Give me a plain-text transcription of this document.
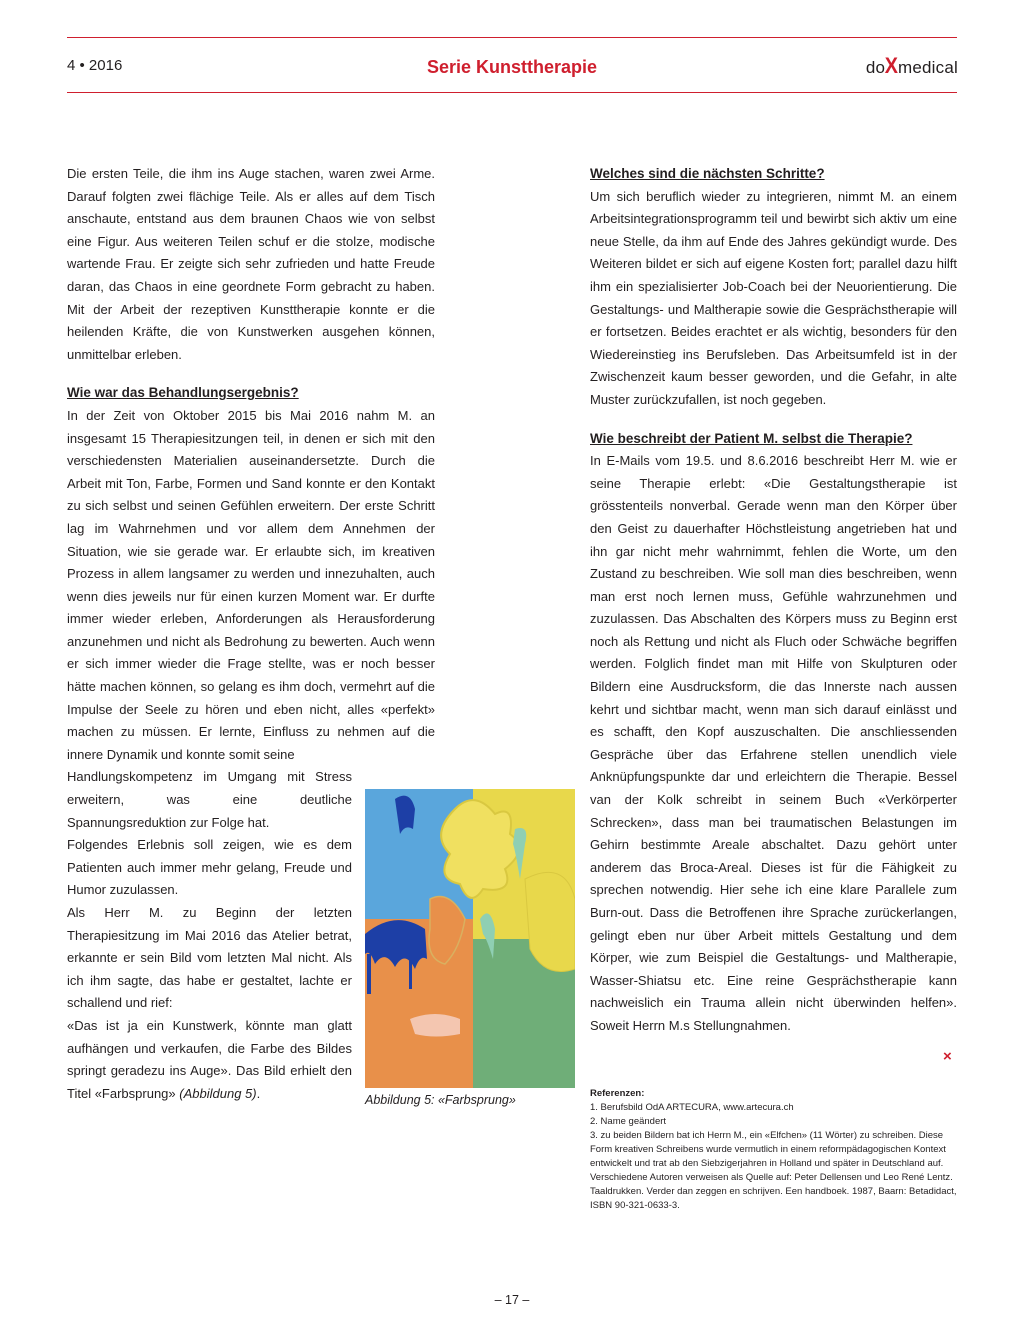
4 • 2016	Serie Kunsttherapie	doXmedical

Die ersten Teile, die ihm ins Auge stachen, waren zwei Arme. Darauf folgten zwei flächige Teile. Als er alles auf dem Tisch anschaute, entstand aus dem braunen Chaos wie von selbst eine Figur. Aus weiteren Teilen schuf er die stolze, modische wartende Frau. Er zeigte sich sehr zufrieden und hatte Freude daran, das Chaos in eine geordnete Form gebracht zu haben. Mit der Arbeit der rezeptiven Kunsttherapie konnte er die heilenden Kräfte, die von Kunstwerken ausgehen können, unmittelbar erleben.

Wie war das Behandlungsergebnis?

In der Zeit von Oktober 2015 bis Mai 2016 nahm M. an insgesamt 15 Therapiesitzungen teil, in denen er sich mit den verschiedensten Materialien auseinandersetzte. Durch die Arbeit mit Ton, Farbe, Formen und Sand konnte er den Kontakt zu sich selbst und seinen Gefühlen erweitern. Der erste Schritt lag im Wahrnehmen und vor allem dem Annehmen der Situation, wie sie gerade war. Er erlaubte sich, im kreativen Prozess in allem langsamer zu werden und innezuhalten, auch wenn dies jeweils nur für einen kurzen Moment war. Er durfte immer wieder erleben, Anforderungen als Herausforderung anzunehmen und nicht als Bedrohung zu bewerten. Auch wenn er sich immer wieder die Frage stellte, was er noch besser hätte machen können, so gelang es ihm doch, vermehrt auf die Impulse der Seele zu hören und eben nicht, alles «perfekt» machen zu müssen. Er lernte, Einfluss zu nehmen auf die innere Dynamik und konnte somit seine

Handlungskompetenz im Umgang mit Stress erweitern, was eine deutliche Spannungsreduktion zur Folge hat.

Folgendes Erlebnis soll zeigen, wie es dem Patienten auch immer mehr gelang, Freude und Humor zuzulassen.

Als Herr M. zu Beginn der letzten Therapiesitzung im Mai 2016 das Atelier betrat, erkannte er sein Bild vom letzten Mal nicht. Als ich ihm sagte, das habe er gestaltet, lachte er schallend und rief:

«Das ist ja ein Kunstwerk, könnte man glatt aufhängen und verkaufen, die Farbe des Bildes springt geradezu ins Auge». Das Bild erhielt den Titel «Farbsprung» (Abbildung 5).	Abbildung 5: «Farbsprung»
Welches sind die nächsten Schritte?

Um sich beruflich wieder zu integrieren, nimmt M. an einem Arbeitsintegrationsprogramm teil und bewirbt sich aktiv um eine neue Stelle, da ihm auf Ende des Jahres gekündigt wurde. Des Weiteren bildet er sich auf eigene Kosten fort; parallel dazu hilft ihm ein spezialisierter Job-Coach bei der Neuorientierung. Die Gestaltungs- und Maltherapie sowie die Gesprächstherapie will er fortsetzen. Beides erachtet er als wichtig, besonders für den Wiedereinstieg ins Berufsleben. Das Arbeitsumfeld ist in der Zwischenzeit kaum besser geworden, und die Gefahr, in alte Muster zurückzufallen, ist noch gegeben.

Wie beschreibt der Patient M. selbst die Therapie?

In E-Mails vom 19.5. und 8.6.2016 beschreibt Herr M. wie er seine Therapie erlebt: «Die Gestaltungstherapie ist grösstenteils nonverbal. Gerade wenn man den Körper über den Geist zu dauerhafter Höchstleistung angetrieben hat und ihn gar nicht mehr wahrnimmt, fehlen die Worte, um den Zustand zu beschreiben. Wie soll man dies beschreiben, wenn man erst noch lernen muss, Gefühle wahrzunehmen und zuzulassen. Das Abschalten des Körpers muss zu Beginn erst noch als Rettung und nicht als Fluch oder Schwäche begriffen werden. Folglich findet man mit Hilfe von Skulpturen oder Bildern eine Ausdrucksform, die das Innerste nach aussen kehrt und sichtbar macht, wenn man sich darauf einlässt und es schafft, den Kopf auszuschalten. Die anschliessenden Gespräche über das Erfahrene stellen unendlich viele Anknüpfungspunkte dar und erleichtern die Therapie. Bessel van der Kolk schreibt in seinem Buch «Verkörperter Schrecken», dass man bei traumatischen Belastungen im Gehirn bestimmte Areale abschaltet. Dazu gehört unter anderem das Broca-Areal. Dieses ist für die Fähigkeit zu sprechen notwendig. Hier sehe ich eine klare Parallele zum Burn-out. Dass die Betroffenen ihre Sprache zurückerlangen, gelingt eben nur über Arbeit mittels Gestaltung und dem Körper, wie zum Beispiel die Gestaltungs- und Maltherapie, Wasser-Shiatsu etc. Eine reine Gesprächstherapie kann nachweislich ein Trauma allein nicht überwinden helfen». Soweit Herrn M.s Stellungnahmen.

×
Referenzen:
1. Berufsbild OdA ARTECURA, www.artecura.ch
2. Name geändert
3. zu beiden Bildern bat ich Herrn M., ein «Elfchen» (11 Wörter) zu schreiben. Diese Form kreativen Schreibens wurde vermutlich in einem reformpädagogischen Kontext entwickelt und trat ab den Siebzigerjahren in Holland und später in Deutschland auf. Verschiedene Autoren verweisen als Quelle auf: Peter Dellensen und Leo René Lentz. Taaldrukken. Verder dan zeggen en schrijven. Een handboek. 1987, Baarn: Betadidact, ISBN 90-321-0633-3.
– 17 –
